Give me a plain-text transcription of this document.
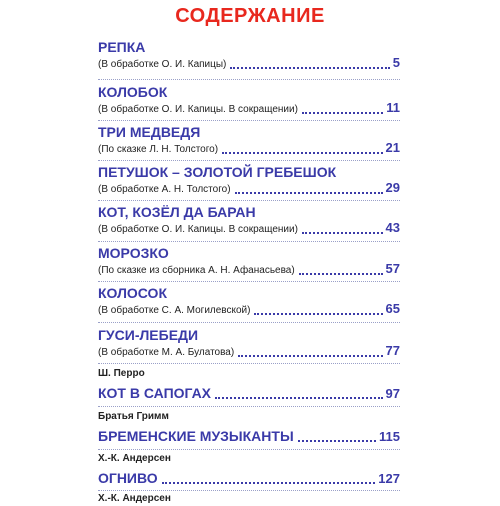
СОДЕРЖАНИЕ
РЕПКА
(В обработке О. И. Капицы)	5
КОЛОБОК
(В обработке О. И. Капицы. В сокращении)	11
ТРИ МЕДВЕДЯ
(По сказке Л. Н. Толстого)	21
ПЕТУШОК – ЗОЛОТОЙ ГРЕБЕШОК
(В обработке А. Н. Толстого)	29
КОТ, КОЗЁЛ ДА БАРАН
(В обработке О. И. Капицы. В сокращении)	43
МОРОЗКО
(По сказке из сборника А. Н. Афанасьева)	57
КОЛОСОК
(В обработке С. А. Могилевской)	65
ГУСИ-ЛЕБЕДИ
(В обработке М. А. Булатова)	77
Ш. Перро
КОТ В САПОГАХ	97
Братья Гримм
БРЕМЕНСКИЕ МУЗЫКАНТЫ	115
Х.-К. Андерсен
ОГНИВО	127
Х.-К. Андерсен
